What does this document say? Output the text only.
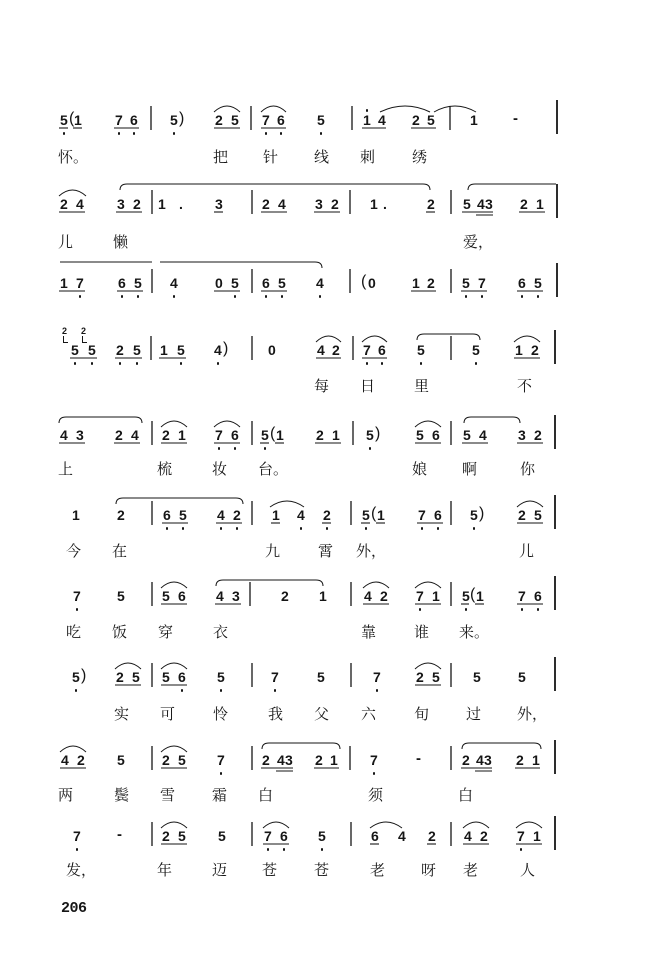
5 ( 1 7 6 5 ) 2 5 7 6 5	1 4 2 5	1 -
2 4 3 2 1 . 3	2 4 3 2 1 .	2 5 4 3 2 1
1 7 6 5 4	0 5 6 5 4 ( 0	1 2 5 7 6 5
2
5
2
5 2 5 1 5 4 )	0	4 2 7 6 5	5	1 2
4 3 2 4 2 1 7 6 5 ( 1 2 1 5 )	5 6 5 4 3 2
1	2	6 5 4 2 1 4 2 5 ( 1 7 6 5 ) 2 5
7	5	5 6 4 3	2 1	4 2 7 1 5 ( 1 7 6
5 ) 2 5 5 6 5	7	5	7	2 5 5	5
4 2 5	2 5 7	2 4 3 2 1 7	-	2 4 3 2 1
7 -	2 5 5	7 6 5	6 4 2 4 2 7 1
怀。	把 针 线 刺 绣
儿	懒	爱，
每 日	里	不
上	梳	妆 台。	娘 啊	你
今 在	九	霄 外，	儿
吃 饭 穿	衣	靠	谁 来。
实 可	怜	我 父 六	旬 过 外，
两	鬓 雪 霜 白	须	白
发，	年	迈 苍 苍	老 呀 老	人
206
